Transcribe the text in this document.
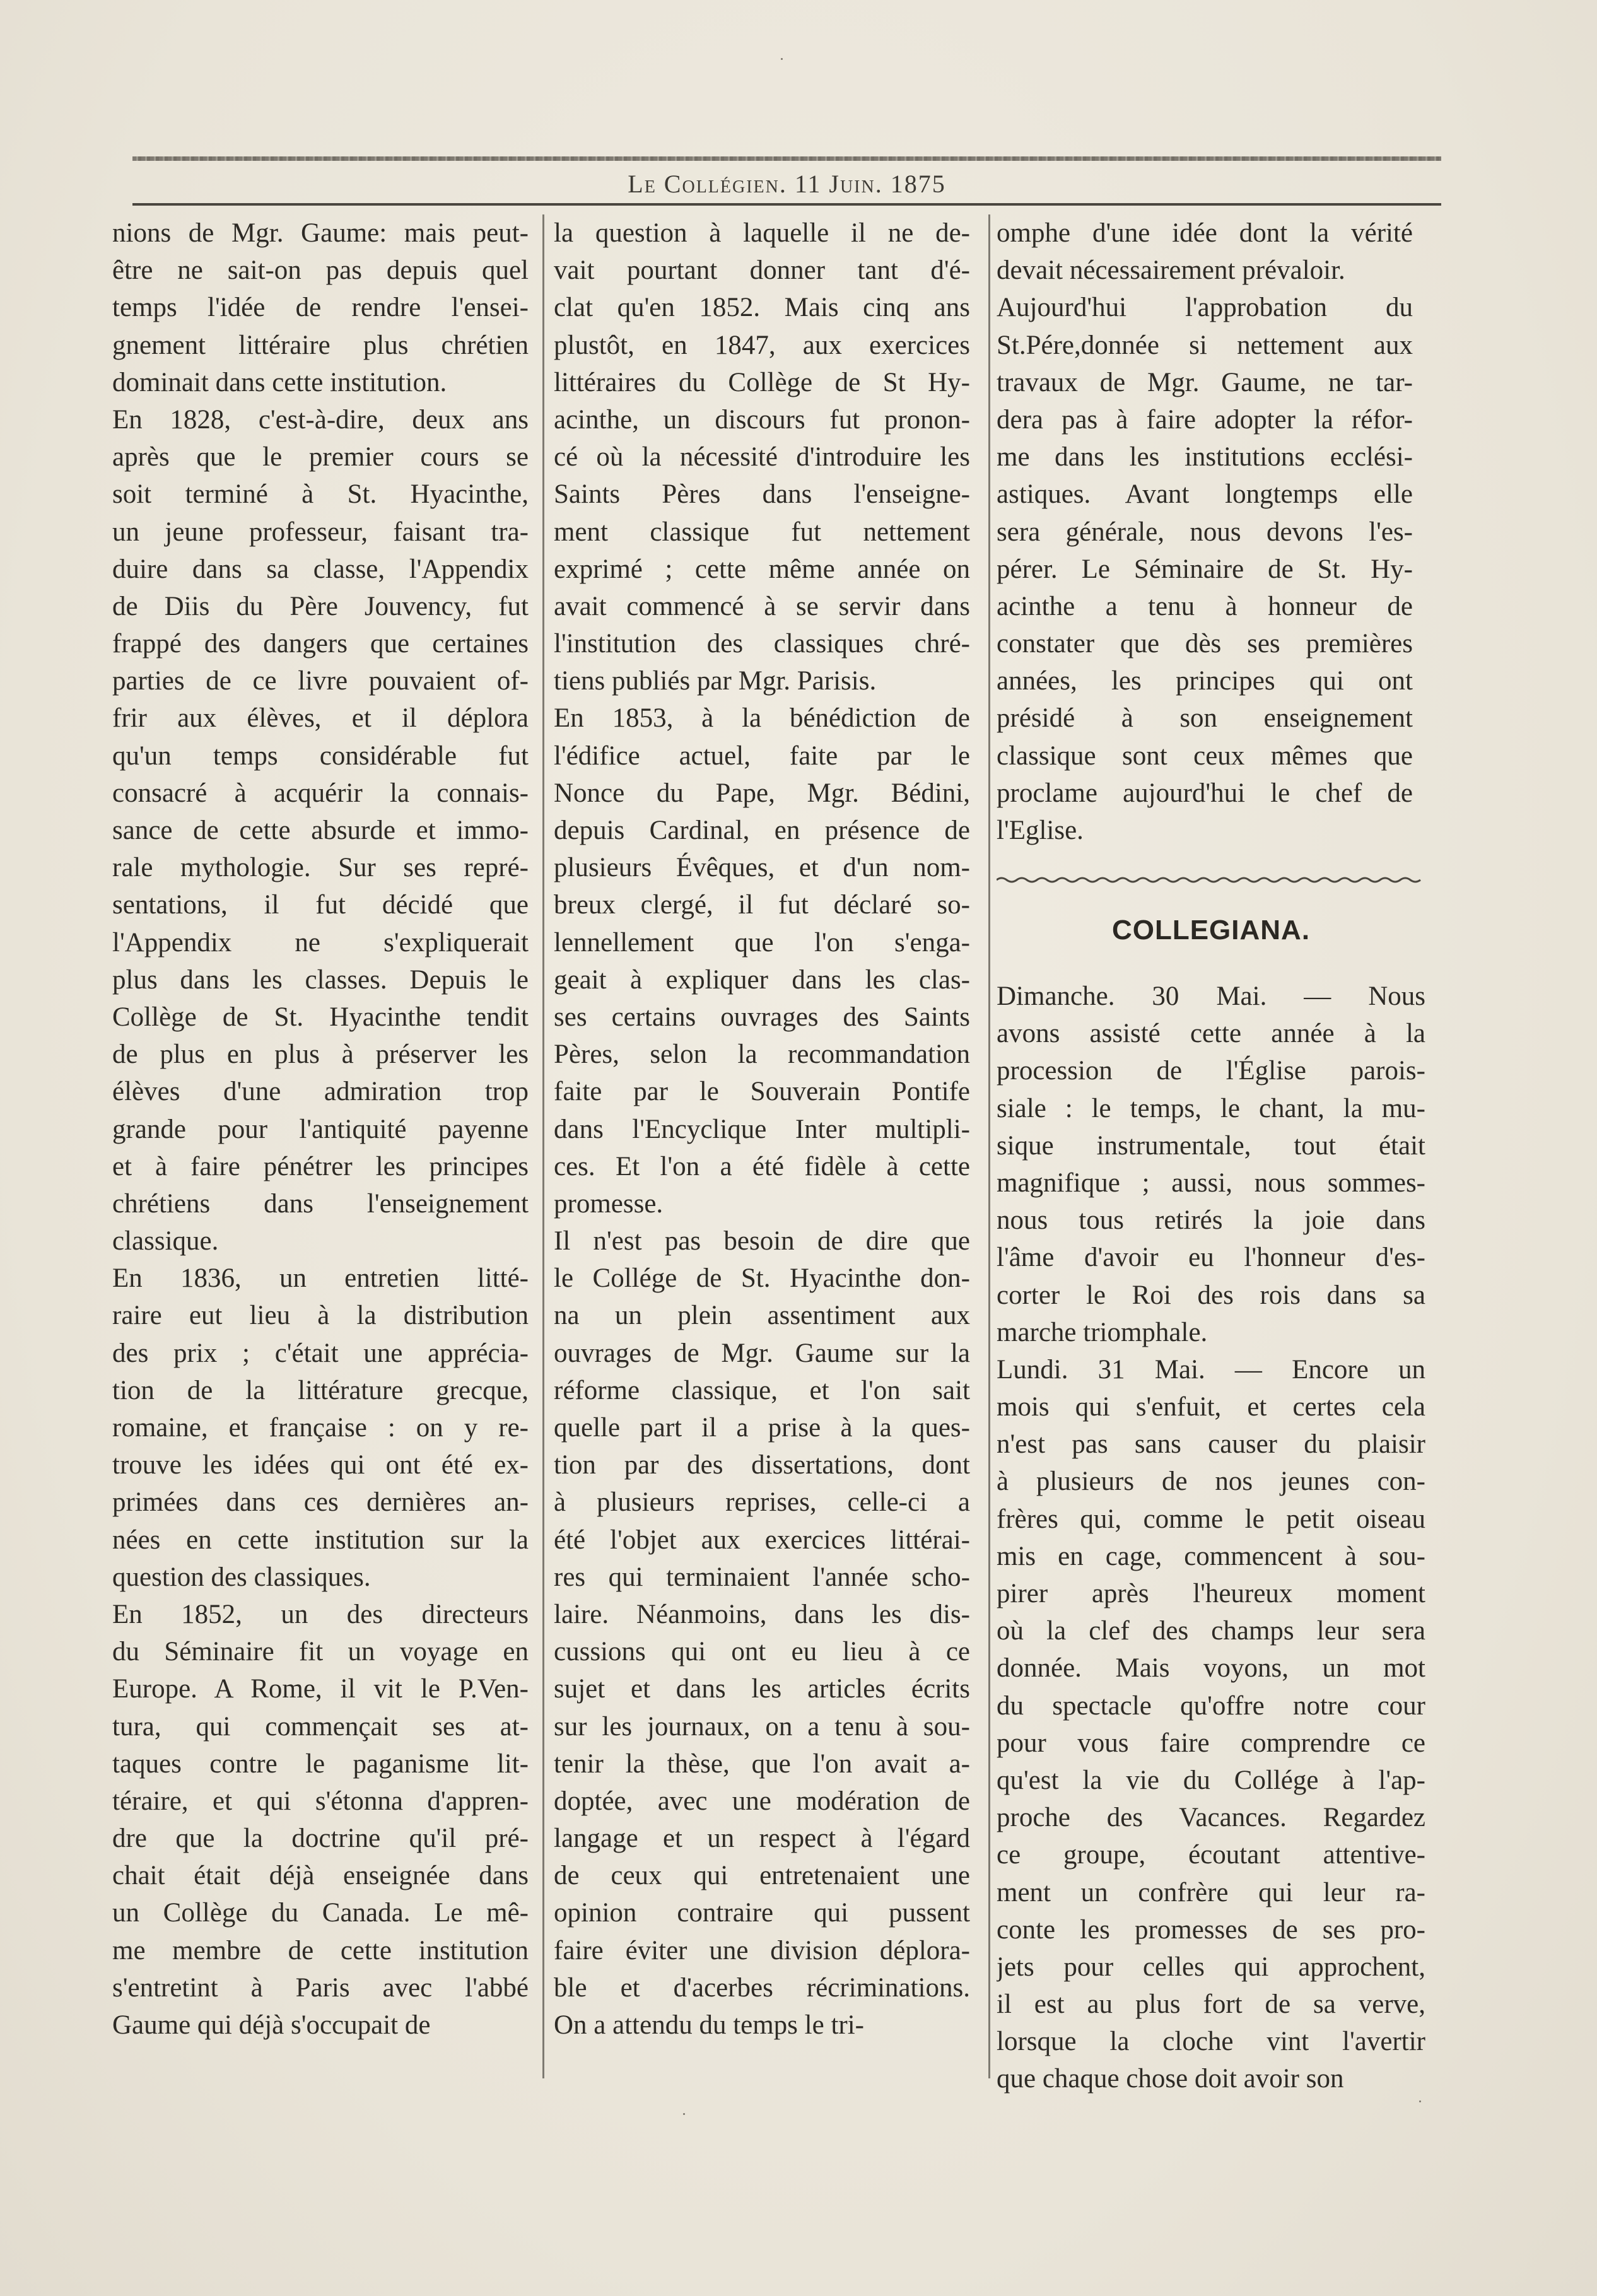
Le Collégien. 11 Juin. 1875
nions de Mgr. Gaume: mais peut-
être ne sait-on pas depuis quel
temps l'idée de rendre l'ensei-
gnement littéraire plus chrétien
dominait dans cette institution.
En 1828, c'est-à-dire, deux ans
après que le premier cours se
soit terminé à St. Hyacinthe,
un jeune professeur, faisant tra-
duire dans sa classe, l'Appendix
de Diis du Père Jouvency, fut
frappé des dangers que certaines
parties de ce livre pouvaient of-
frir aux élèves, et il déplora
qu'un temps considérable fut
consacré à acquérir la connais-
sance de cette absurde et immo-
rale mythologie. Sur ses repré-
sentations, il fut décidé que
l'Appendix ne s'expliquerait
plus dans les classes. Depuis le
Collège de St. Hyacinthe tendit
de plus en plus à préserver les
élèves d'une admiration trop
grande pour l'antiquité payenne
et à faire pénétrer les principes
chrétiens dans l'enseignement
classique.
En 1836, un entretien litté-
raire eut lieu à la distribution
des prix ; c'était une apprécia-
tion de la littérature grecque,
romaine, et française : on y re-
trouve les idées qui ont été ex-
primées dans ces dernières an-
nées en cette institution sur la
question des classiques.
En 1852, un des directeurs
du Séminaire fit un voyage en
Europe. A Rome, il vit le P.Ven-
tura, qui commençait ses at-
taques contre le paganisme lit-
téraire, et qui s'étonna d'appren-
dre que la doctrine qu'il pré-
chait était déjà enseignée dans
un Collège du Canada. Le mê-
me membre de cette institution
s'entretint à Paris avec l'abbé
Gaume qui déjà s'occupait de
la question à laquelle il ne de-
vait pourtant donner tant d'é-
clat qu'en 1852. Mais cinq ans
plustôt, en 1847, aux exercices
littéraires du Collège de St Hy-
acinthe, un discours fut pronon-
cé où la nécessité d'introduire les
Saints Pères dans l'enseigne-
ment classique fut nettement
exprimé ; cette même année on
avait commencé à se servir dans
l'institution des classiques chré-
tiens publiés par Mgr. Parisis.
En 1853, à la bénédiction de
l'édifice actuel, faite par le
Nonce du Pape, Mgr. Bédini,
depuis Cardinal, en présence de
plusieurs Évêques, et d'un nom-
breux clergé, il fut déclaré so-
lennellement que l'on s'enga-
geait à expliquer dans les clas-
ses certains ouvrages des Saints
Pères, selon la recommandation
faite par le Souverain Pontife
dans l'Encyclique Inter multipli-
ces. Et l'on a été fidèle à cette
promesse.
Il n'est pas besoin de dire que
le Collége de St. Hyacinthe don-
na un plein assentiment aux
ouvrages de Mgr. Gaume sur la
réforme classique, et l'on sait
quelle part il a prise à la ques-
tion par des dissertations, dont
à plusieurs reprises, celle-ci a
été l'objet aux exercices littérai-
res qui terminaient l'année scho-
laire. Néanmoins, dans les dis-
cussions qui ont eu lieu à ce
sujet et dans les articles écrits
sur les journaux, on a tenu à sou-
tenir la thèse, que l'on avait a-
doptée, avec une modération de
langage et un respect à l'égard
de ceux qui entretenaient une
opinion contraire qui pussent
faire éviter une division déplora-
ble et d'acerbes récriminations.
On a attendu du temps le tri-
omphe d'une idée dont la vérité
devait nécessairement prévaloir.
Aujourd'hui l'approbation du
St.Pére,donnée si nettement aux
travaux de Mgr. Gaume, ne tar-
dera pas à faire adopter la réfor-
me dans les institutions ecclési-
astiques. Avant longtemps elle
sera générale, nous devons l'es-
pérer. Le Séminaire de St. Hy-
acinthe a tenu à honneur de
constater que dès ses premières
années, les principes qui ont
présidé à son enseignement
classique sont ceux mêmes que
proclame aujourd'hui le chef de
l'Eglise.
COLLEGIANA.
Dimanche. 30 Mai. — Nous
avons assisté cette année à la
procession de l'Église parois-
siale : le temps, le chant, la mu-
sique instrumentale, tout était
magnifique ; aussi, nous sommes-
nous tous retirés la joie dans
l'âme d'avoir eu l'honneur d'es-
corter le Roi des rois dans sa
marche triomphale.
Lundi. 31 Mai. — Encore un
mois qui s'enfuit, et certes cela
n'est pas sans causer du plaisir
à plusieurs de nos jeunes con-
frères qui, comme le petit oiseau
mis en cage, commencent à sou-
pirer après l'heureux moment
où la clef des champs leur sera
donnée. Mais voyons, un mot
du spectacle qu'offre notre cour
pour vous faire comprendre ce
qu'est la vie du Collége à l'ap-
proche des Vacances. Regardez
ce groupe, écoutant attentive-
ment un confrère qui leur ra-
conte les promesses de ses pro-
jets pour celles qui approchent,
il est au plus fort de sa verve,
lorsque la cloche vint l'avertir
que chaque chose doit avoir son
